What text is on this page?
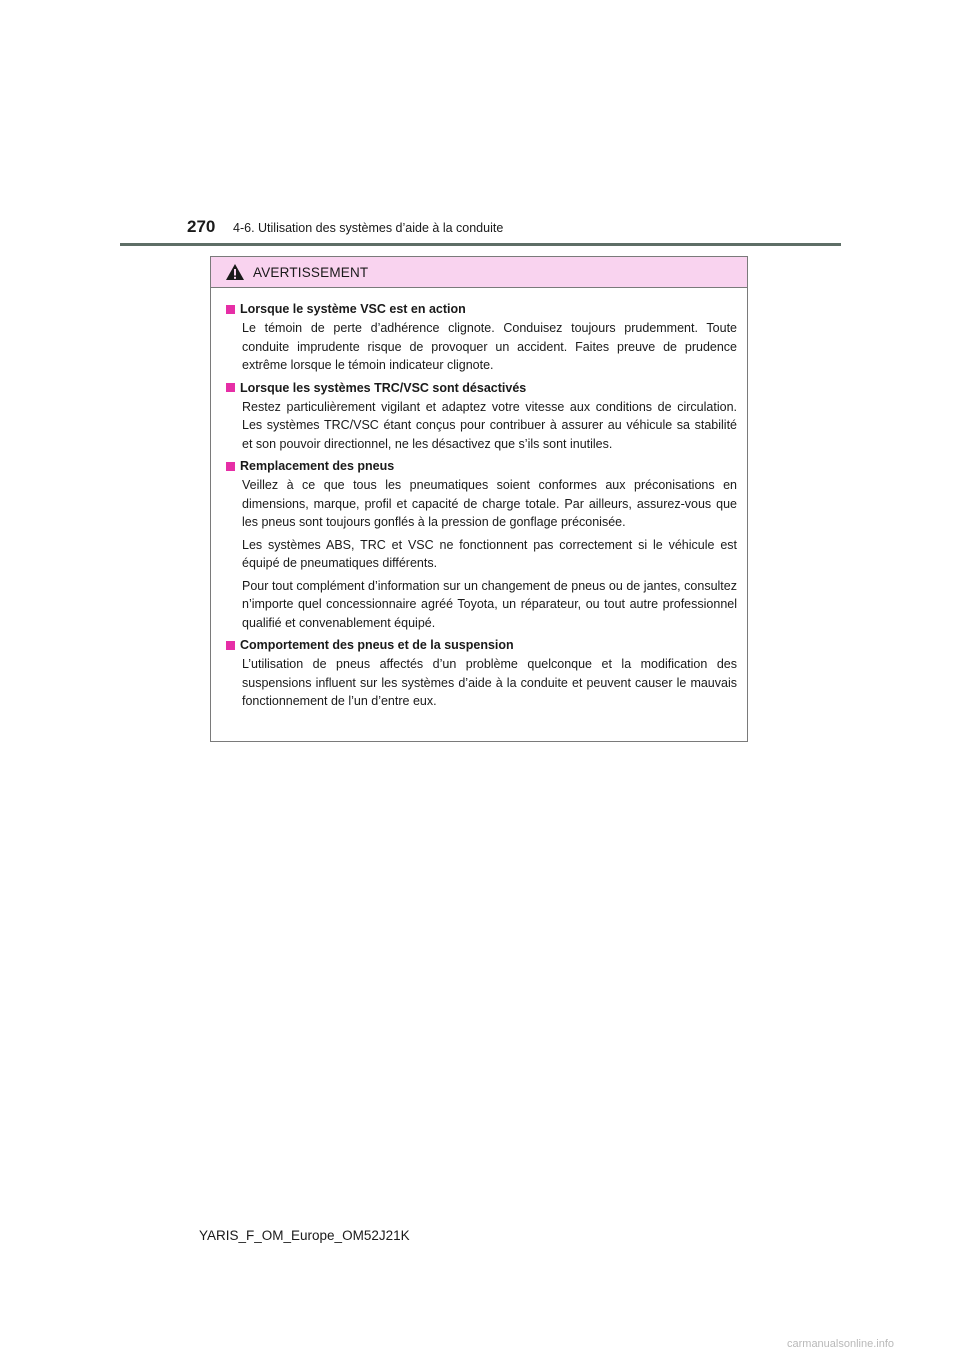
270 4-6. Utilisation des systèmes d’aide à la conduite
AVERTISSEMENT
Lorsque le système VSC est en action

Le témoin de perte d’adhérence clignote. Conduisez toujours prudemment. Toute conduite imprudente risque de provoquer un accident. Faites preuve de prudence extrême lorsque le témoin indicateur clignote.

Lorsque les systèmes TRC/VSC sont désactivés

Restez particulièrement vigilant et adaptez votre vitesse aux conditions de circulation. Les systèmes TRC/VSC étant conçus pour contribuer à assurer au véhicule sa stabilité et son pouvoir directionnel, ne les désactivez que s’ils sont inutiles.

Remplacement des pneus

Veillez à ce que tous les pneumatiques soient conformes aux préconisations en dimensions, marque, profil et capacité de charge totale. Par ailleurs, assurez-vous que les pneus sont toujours gonflés à la pression de gonflage préconisée.

Les systèmes ABS, TRC et VSC ne fonctionnent pas correctement si le véhicule est équipé de pneumatiques différents.

Pour tout complément d’information sur un changement de pneus ou de jantes, consultez n’importe quel concessionnaire agréé Toyota, un réparateur, ou tout autre professionnel qualifié et convenablement équipé.

Comportement des pneus et de la suspension

L’utilisation de pneus affectés d’un problème quelconque et la modification des suspensions influent sur les systèmes d’aide à la conduite et peuvent causer le mauvais fonctionnement de l’un d’entre eux.

YARIS_F_OM_Europe_OM52J21K
carmanualsonline.info
